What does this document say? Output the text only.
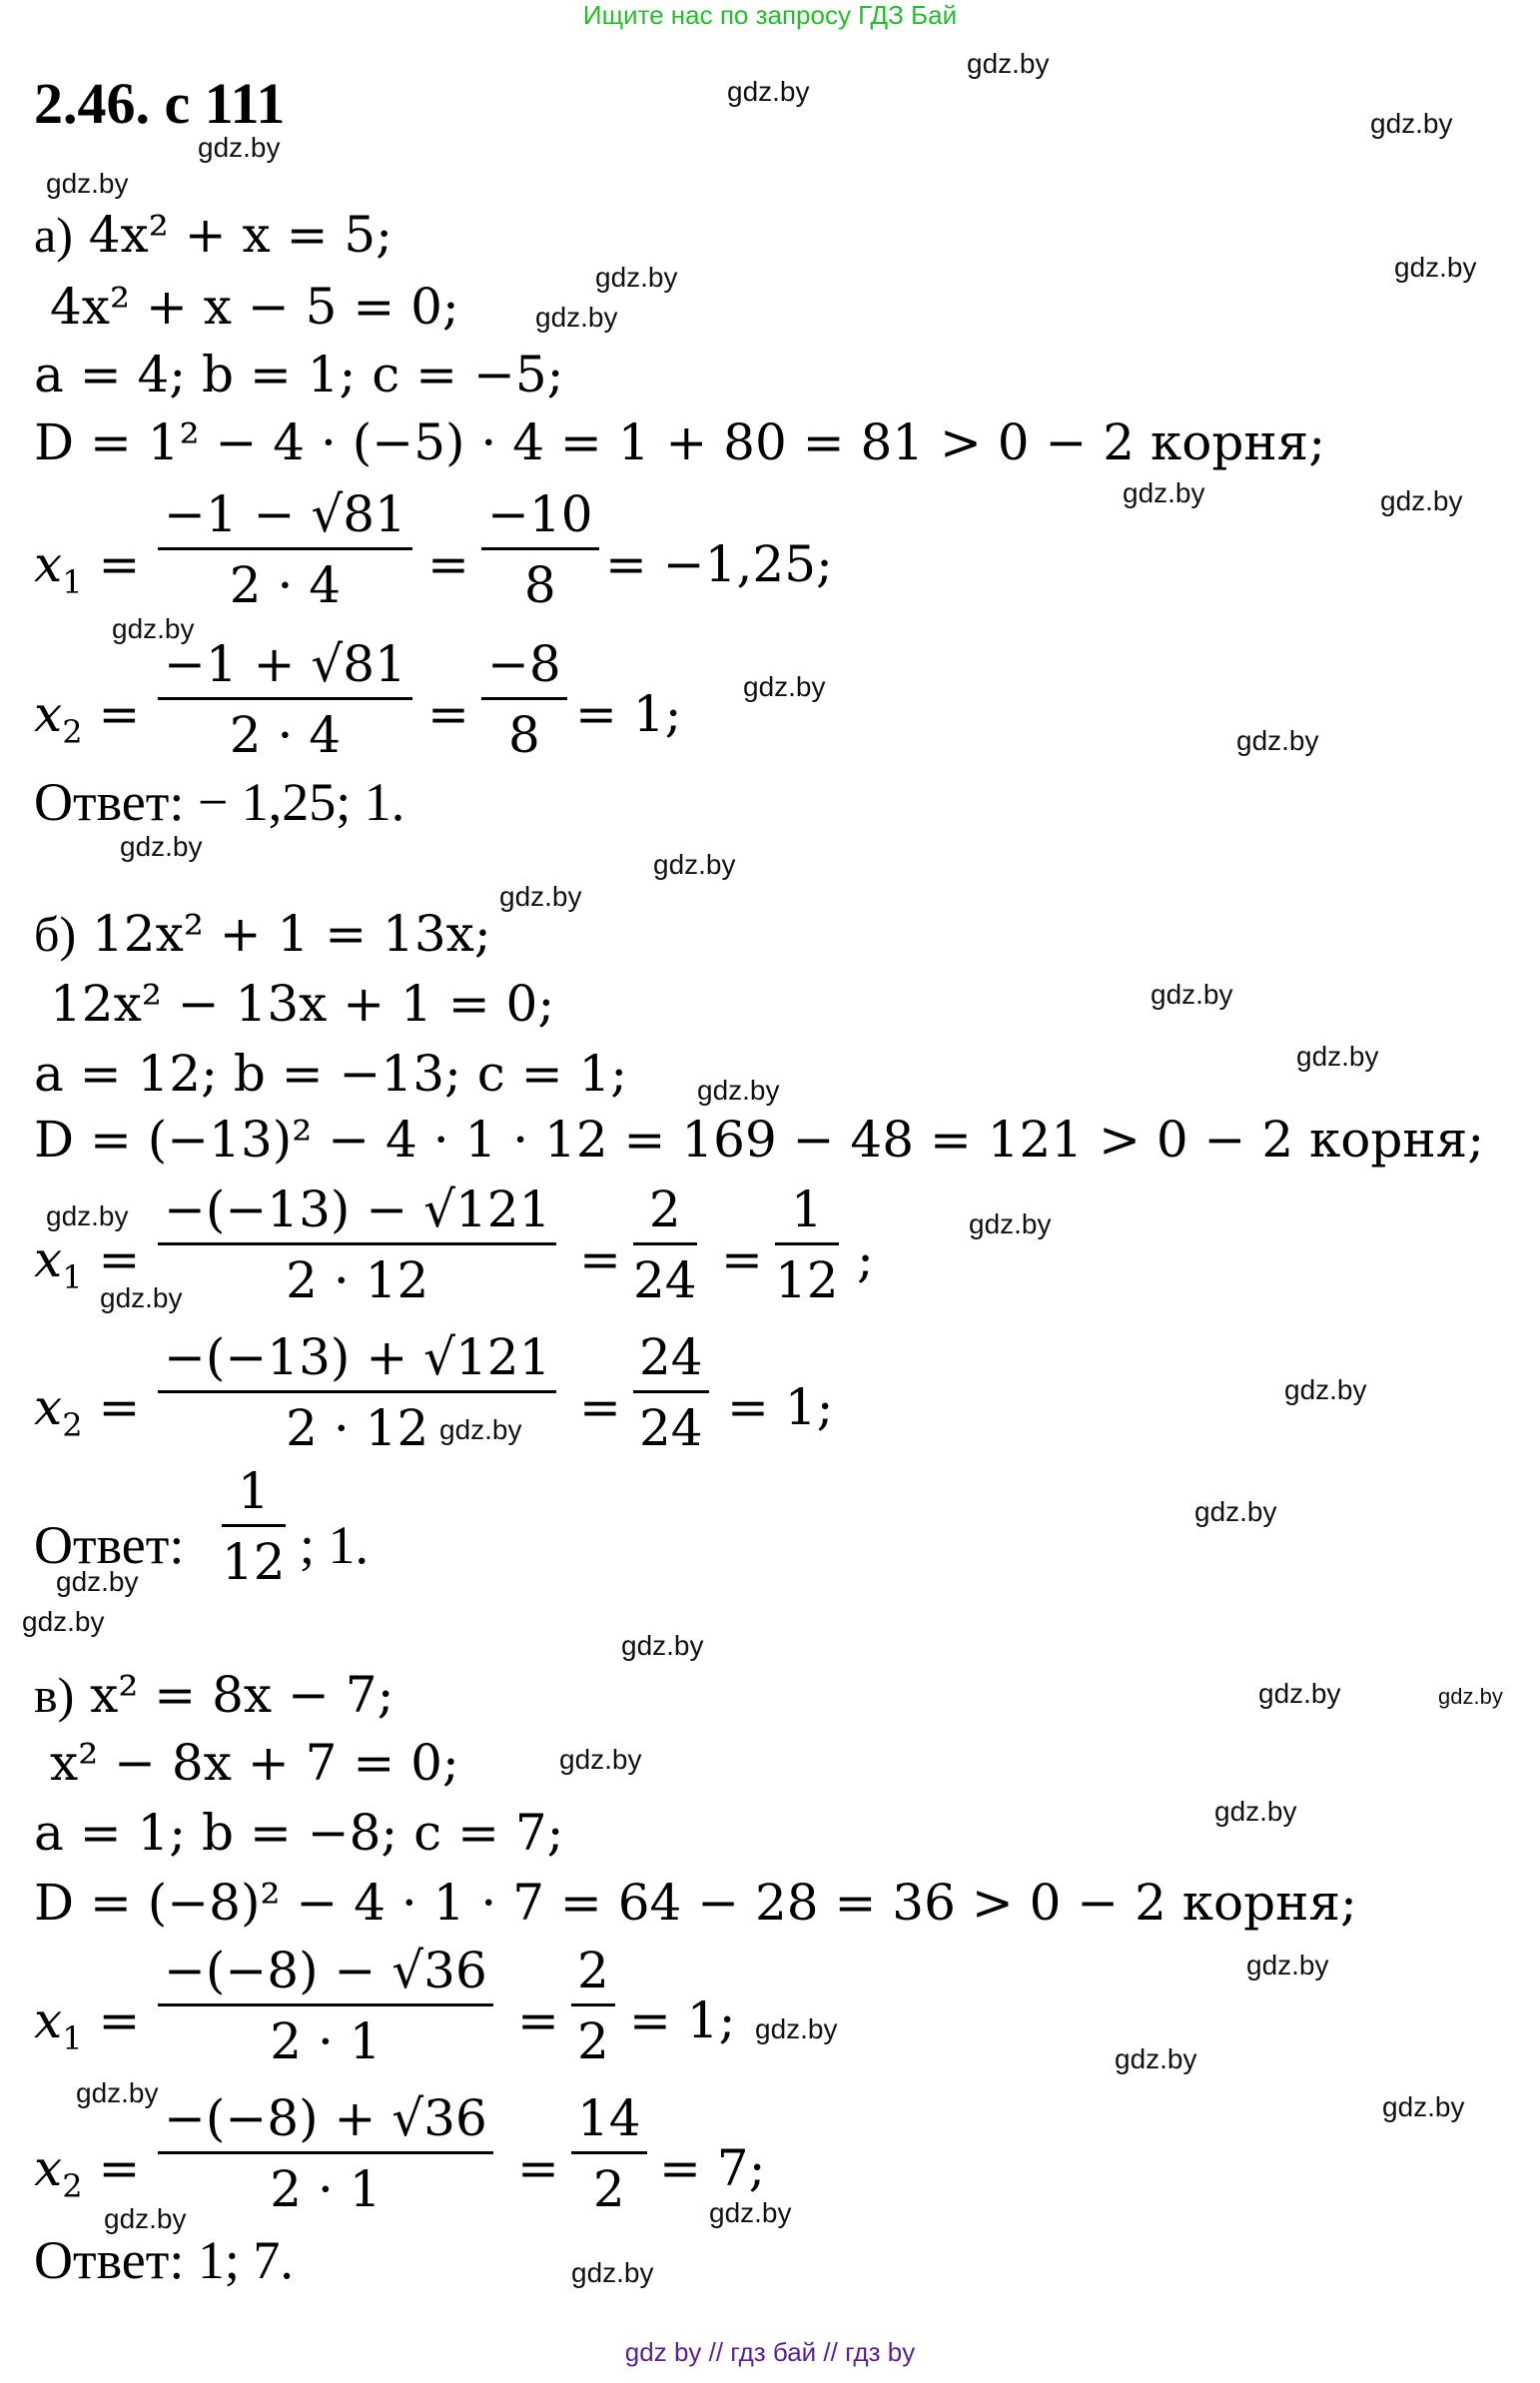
Ищите нас по запросу ГДЗ Бай
2.46. с 111	gdz.by
gdz.by
gdz.by
gdz.by
gdz.by
gdz.by
gdz.by
gdz.by
gdz.by	gdz.by
gdz.by
gdz.by
gdz.by
gdz.by
gdz.by
gdz.by
gdz.by
gdz.by
gdz.by
gdz.by	gdz.by
gdz.by
gdz.by
gdz.by
gdz.by
gdz.by
gdz.by
gdz.by
gdz.by	gdz.by
gdz.by
gdz.by
gdz.by
gdz.by
gdz.by
gdz.by	gdz.by
gdz.by	gdz.by
gdz.by
а) 4x² + x = 5;
4x² + x − 5 = 0;
a = 4; b = 1; c = −5;
D = 1² − 4 · (−5) · 4 = 1 + 80 = 81 > 0 − 2 корня;
$x_1 = \frac{-1 - √81}{2 \cdot 4} = \frac{-10}{8} = -1,25$;
$x_2 = \frac{-1 + √81}{2 \cdot 4} = \frac{-8}{8} = 1$;
Ответ: − 1,25; 1.
б) 12x² + 1 = 13x;
12x² − 13x + 1 = 0;
a = 12; b = −13; c = 1;
D = (−13)² − 4 · 1 · 12 = 169 − 48 = 121 > 0 − 2 корня;
$x_1 = \frac{-(-13) - √121}{2 \cdot 12} = \frac{2}{24} = \frac{1}{12}$ ;
$x_2 = \frac{-(-13) + √121}{2 \cdot 12} = \frac{24}{24} = 1$;
Ответ: $\frac{1}{12}$ ; 1.
в) x² = 8x − 7;
x² − 8x + 7 = 0;
a = 1; b = −8; c = 7;
D = (−8)² − 4 · 1 · 7 = 64 − 28 = 36 > 0 − 2 корня;
$x_1 = \frac{-(-8) - √36}{2 \cdot 1} = \frac{2}{2} = 1$;
$x_2 = \frac{-(-8) + √36}{2 \cdot 1} = \frac{14}{2} = 7$;
Ответ: 1; 7.
gdz by // гдз бай // гдз by
